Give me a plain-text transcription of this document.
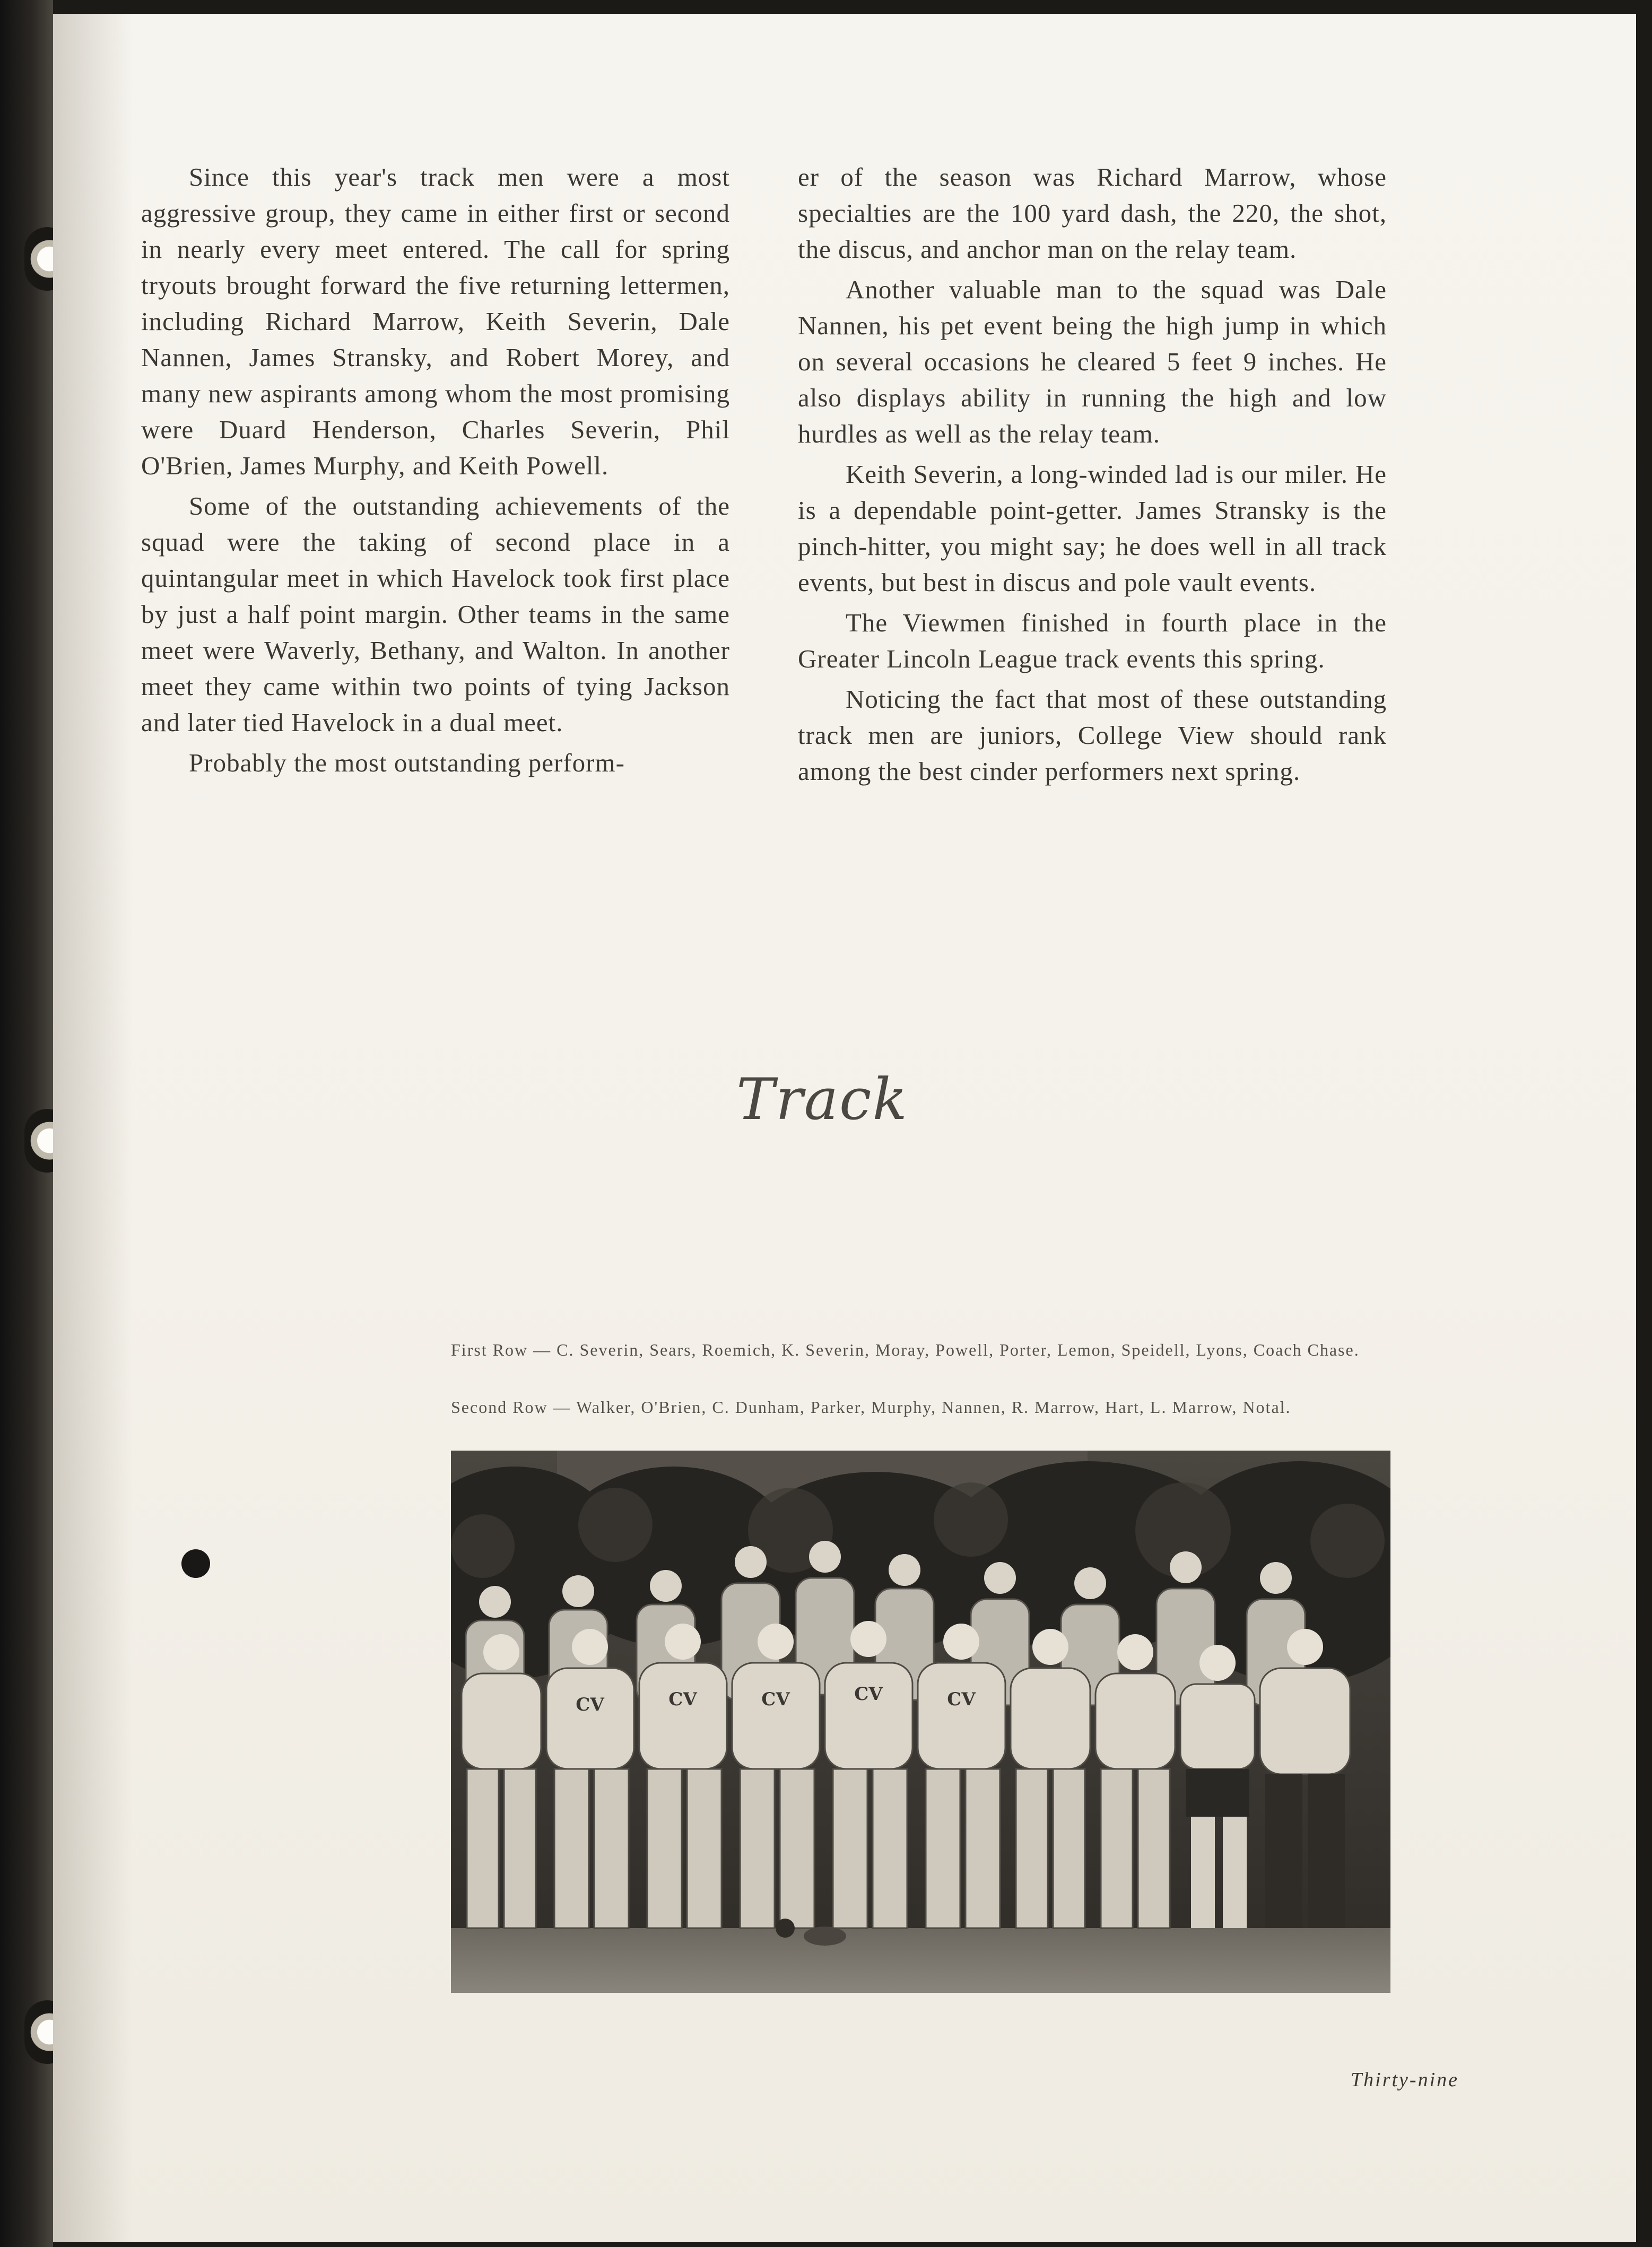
Since this year's track men were a most aggressive group, they came in either first or second in nearly every meet entered. The call for spring tryouts brought forward the five returning lettermen, including Richard Marrow, Keith Severin, Dale Nannen, James Stransky, and Robert Morey, and many new aspirants among whom the most promising were Duard Henderson, Charles Severin, Phil O'Brien, James Murphy, and Keith Powell.

Some of the outstanding achievements of the squad were the taking of second place in a quintangular meet in which Havelock took first place by just a half point margin. Other teams in the same meet were Waverly, Bethany, and Walton. In another meet they came within two points of tying Jackson and later tied Havelock in a dual meet.

Probably the most outstanding perform-

er of the season was Richard Marrow, whose specialties are the 100 yard dash, the 220, the shot, the discus, and anchor man on the relay team.

Another valuable man to the squad was Dale Nannen, his pet event being the high jump in which on several occasions he cleared 5 feet 9 inches. He also displays ability in running the high and low hurdles as well as the relay team.

Keith Severin, a long-winded lad is our miler. He is a dependable point-getter. James Stransky is the pinch-hitter, you might say; he does well in all track events, but best in discus and pole vault events.

The Viewmen finished in fourth place in the Greater Lincoln League track events this spring.

Noticing the fact that most of these outstanding track men are juniors, College View should rank among the best cinder performers next spring.

Track
First Row — C. Severin, Sears, Roemich, K. Severin, Moray, Powell, Porter, Lemon, Speidell, Lyons, Coach Chase.
Second Row — Walker, O'Brien, C. Dunham, Parker, Murphy, Nannen, R. Marrow, Hart, L. Marrow, Notal.
CV	CV	CV	CV	CV
Thirty-nine
